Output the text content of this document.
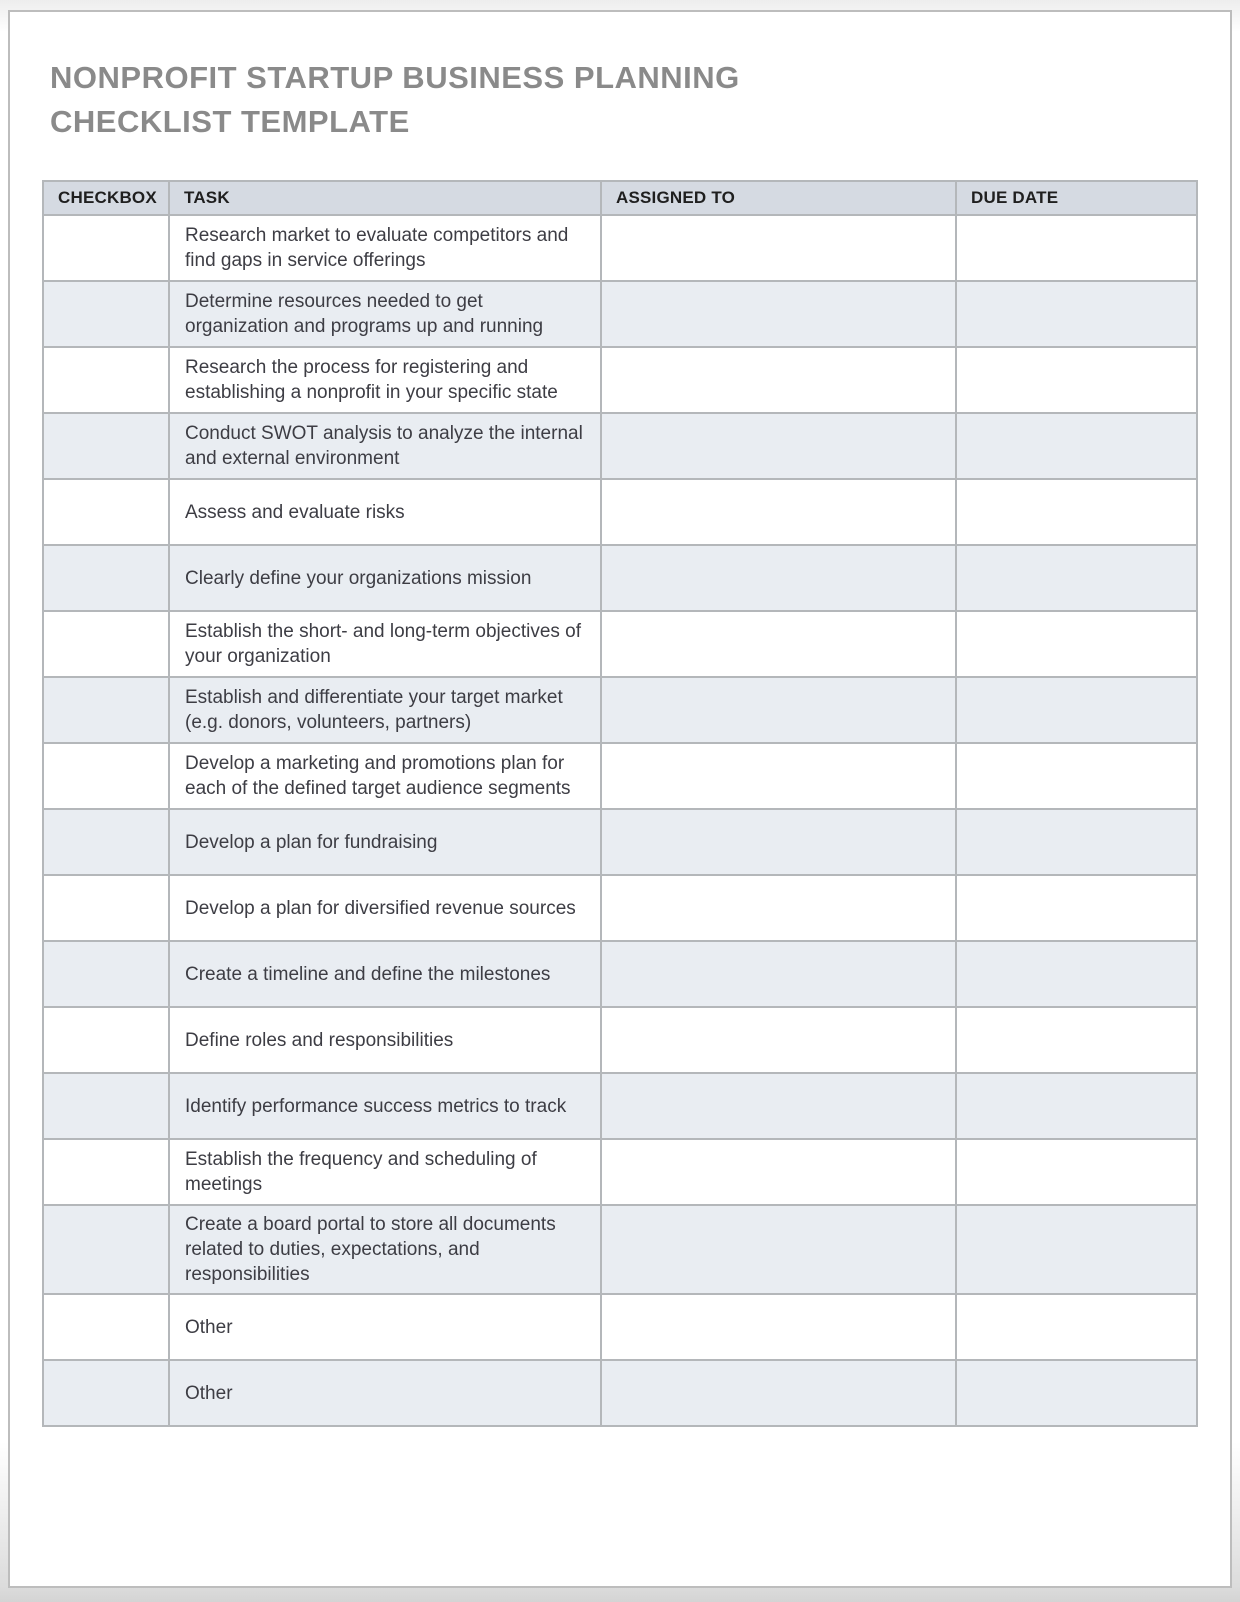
NONPROFIT STARTUP BUSINESS PLANNING
CHECKLIST TEMPLATE
CHECKBOX	TASK	ASSIGNED TO	DUE DATE
	Research market to evaluate competitors and find gaps in service offerings		
	Determine resources needed to get organization and programs up and running		
	Research the process for registering and establishing a nonprofit in your specific state		
	Conduct SWOT analysis to analyze the internal and external environment		
	Assess and evaluate risks		
	Clearly define your organizations mission		
	Establish the short- and long-term objectives of your organization		
	Establish and differentiate your target market (e.g. donors, volunteers, partners)		
	Develop a marketing and promotions plan for each of the defined target audience segments		
	Develop a plan for fundraising		
	Develop a plan for diversified revenue sources		
	Create a timeline and define the milestones		
	Define roles and responsibilities		
	Identify performance success metrics to track		
	Establish the frequency and scheduling of meetings		
	Create a board portal to store all documents related to duties, expectations, and responsibilities		
	Other		
	Other		
